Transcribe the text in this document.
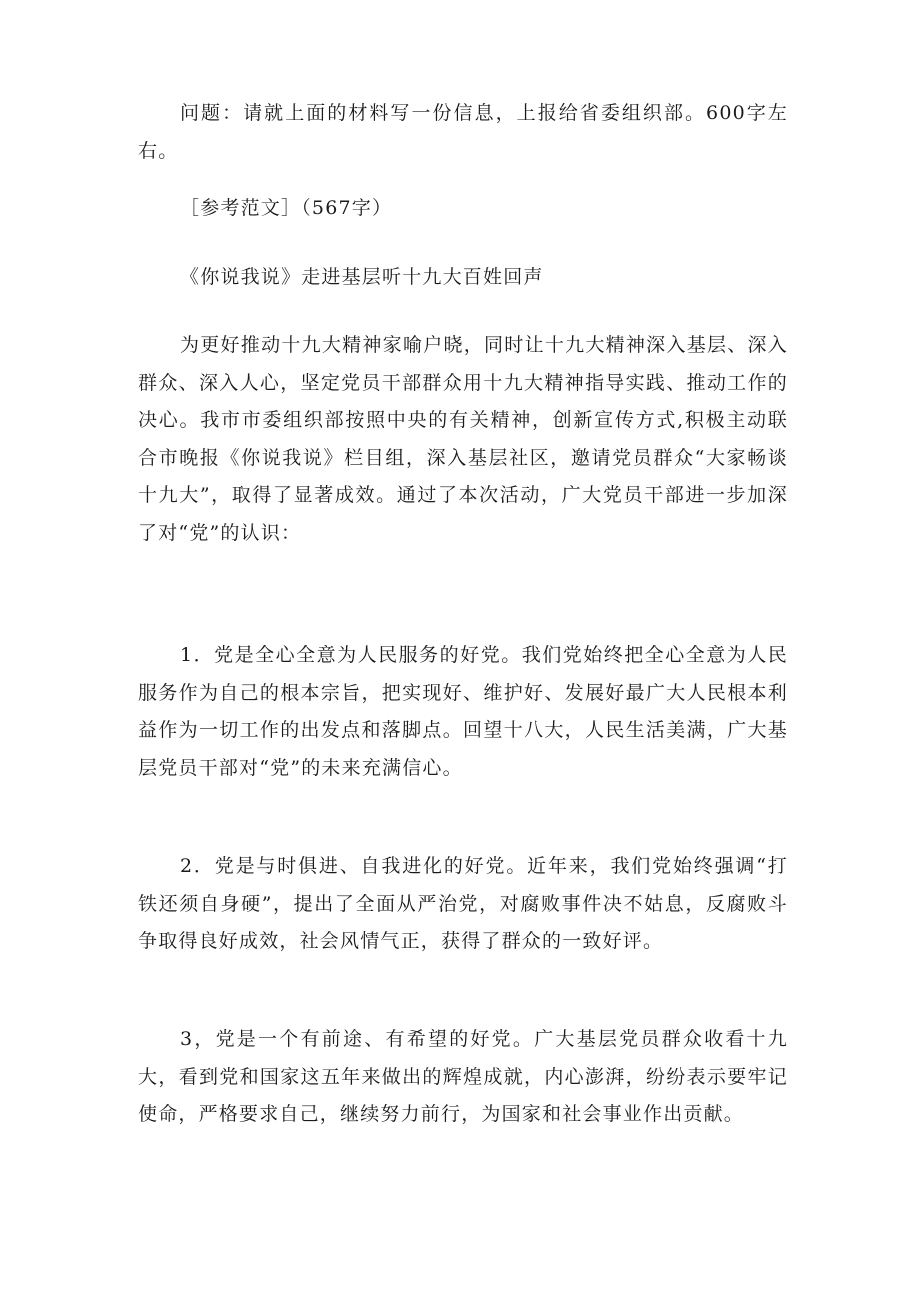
问题：请就上面的材料写一份信息，上报给省委组织部。600字左右。

［参考范文］（567字）

《你说我说》走进基层听十九大百姓回声

为更好推动十九大精神家喻户晓，同时让十九大精神深入基层、深入群众、深入人心，坚定党员干部群众用十九大精神指导实践、推动工作的决心。我市市委组织部按照中央的有关精神，创新宣传方式,积极主动联合市晚报《你说我说》栏目组，深入基层社区，邀请党员群众“大家畅谈十九大”，取得了显著成效。通过了本次活动，广大党员干部进一步加深了对“党”的认识：

1．党是全心全意为人民服务的好党。我们党始终把全心全意为人民服务作为自己的根本宗旨，把实现好、维护好、发展好最广大人民根本利益作为一切工作的出发点和落脚点。回望十八大，人民生活美满，广大基层党员干部对“党”的未来充满信心。

2．党是与时俱进、自我进化的好党。近年来，我们党始终强调“打铁还须自身硬”，提出了全面从严治党，对腐败事件决不姑息，反腐败斗争取得良好成效，社会风情气正，获得了群众的一致好评。

3，党是一个有前途、有希望的好党。广大基层党员群众收看十九大，看到党和国家这五年来做出的辉煌成就，内心澎湃，纷纷表示要牢记使命，严格要求自己，继续努力前行，为国家和社会事业作出贡献。
